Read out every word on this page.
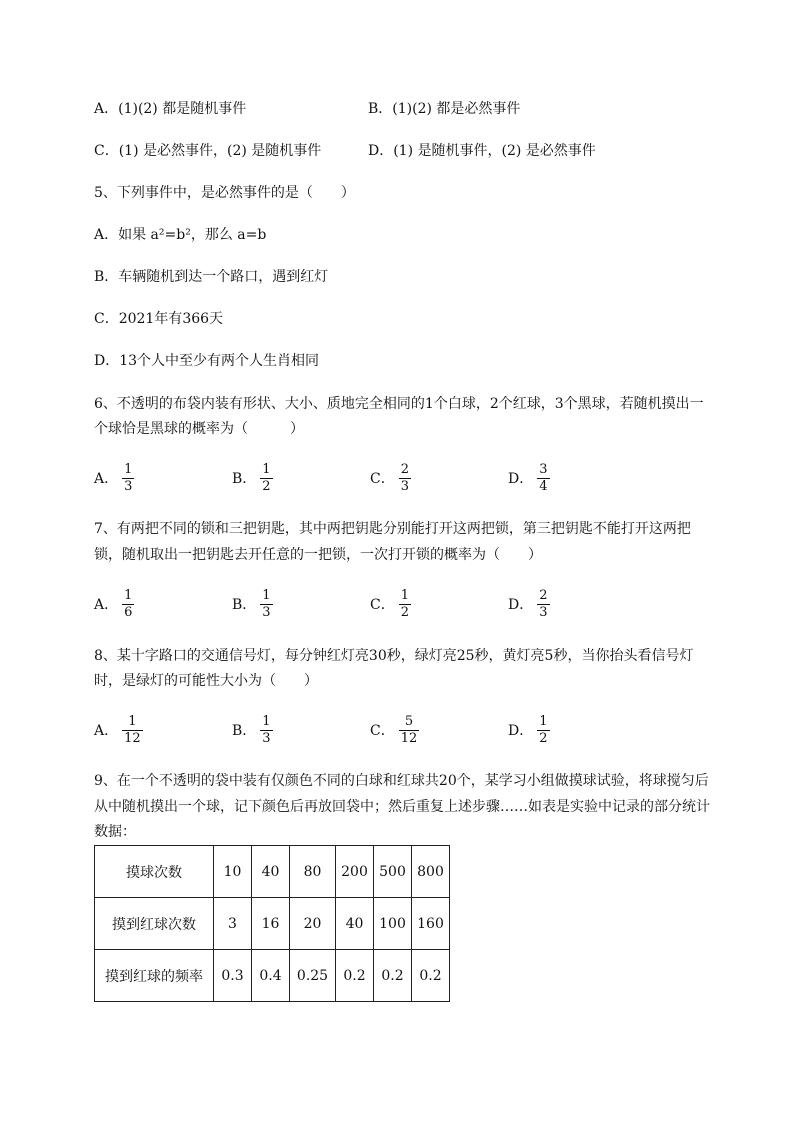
A．(1)(2) 都是随机事件	B．(1)(2) 都是必然事件
C．(1) 是必然事件，(2) 是随机事件	D．(1) 是随机事件，(2) 是必然事件
5、下列事件中，是必然事件的是（　　）
A．如果 a²=b²，那么 a=b
B．车辆随机到达一个路口，遇到红灯
C．2021年有366天
D．13个人中至少有两个人生肖相同
6、不透明的布袋内装有形状、大小、质地完全相同的1个白球，2个红球，3个黑球，若随机摸出一
个球恰是黑球的概率为（　　　）
A． $\frac{1}{3}$	B． $\frac{1}{2}$	C． $\frac{2}{3}$	D． $\frac{3}{4}$
7、有两把不同的锁和三把钥匙，其中两把钥匙分别能打开这两把锁，第三把钥匙不能打开这两把
锁，随机取出一把钥匙去开任意的一把锁，一次打开锁的概率为（　　）
A． $\frac{1}{6}$	B． $\frac{1}{3}$	C． $\frac{1}{2}$	D． $\frac{2}{3}$
8、某十字路口的交通信号灯，每分钟红灯亮30秒，绿灯亮25秒，黄灯亮5秒，当你抬头看信号灯
时，是绿灯的可能性大小为（　　）
A． $\frac{1}{12}$	B． $\frac{1}{3}$	C． $\frac{5}{12}$	D． $\frac{1}{2}$
9、在一个不透明的袋中装有仅颜色不同的白球和红球共20个，某学习小组做摸球试验，将球搅匀后
从中随机摸出一个球，记下颜色后再放回袋中；然后重复上述步骤……如表是实验中记录的部分统计
数据：
摸球次数	10	40	80	200	500	800
摸到红球次数	3	16	20	40	100	160
摸到红球的频率	0.3	0.4	0.25	0.2	0.2	0.2
